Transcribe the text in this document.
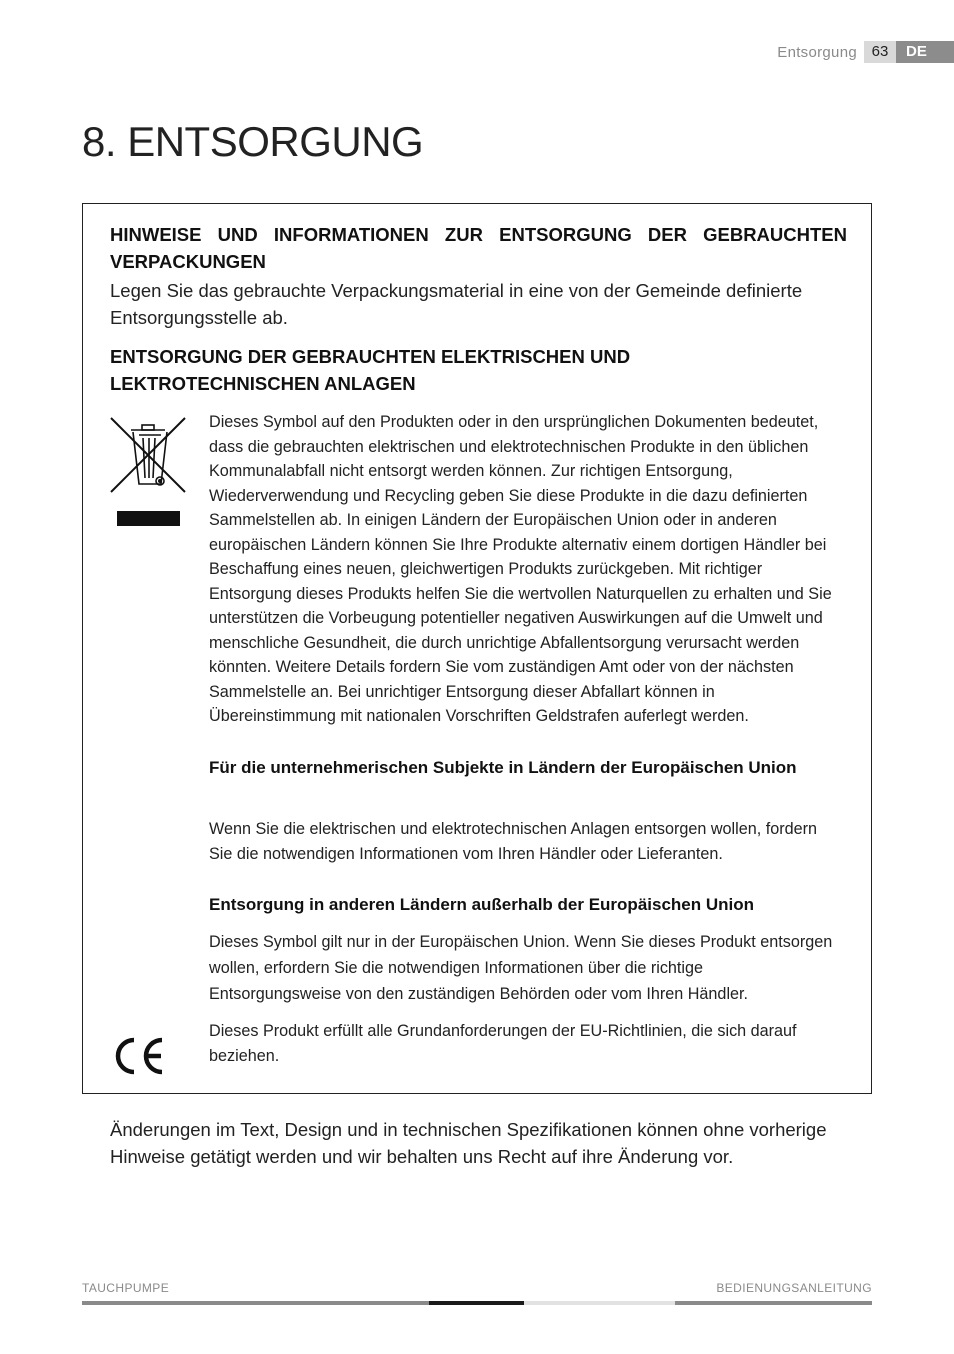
Entsorgung 63	DE
8. ENTSORGUNG
HINWEISE UND INFORMATIONEN ZUR ENTSORGUNG DER GEBRAUCHTEN VERPACKUNGEN

Legen Sie das gebrauchte Verpackungsmaterial in eine von der Gemeinde definierte Entsorgungsstelle ab.

ENTSORGUNG DER GEBRAUCHTEN ELEKTRISCHEN UND LEKTROTECHNISCHEN ANLAGEN

Dieses Symbol auf den Produkten oder in den ursprünglichen Dokumenten bedeutet, dass die gebrauchten elektrischen und elektrotechnischen Produkte in den üblichen Kommunalabfall nicht entsorgt werden können. Zur richtigen Entsorgung, Wiederverwendung und Recycling geben Sie diese Produkte in die dazu definierten Sammelstellen ab. In einigen Ländern der Europäischen Union oder in anderen europäischen Ländern können Sie Ihre Produkte alternativ einem dortigen Händler bei Beschaffung eines neuen, gleichwertigen Produkts zurückgeben. Mit richtiger Entsorgung dieses Produkts helfen Sie die wertvollen Naturquellen zu erhalten und Sie unterstützen die Vorbeugung potentieller negativen Auswirkungen auf die Umwelt und menschliche Gesundheit, die durch unrichtige Abfallentsorgung verursacht werden könnten. Weitere Details fordern Sie vom zuständigen Amt oder von der nächsten Sammelstelle an. Bei unrichtiger Entsorgung dieser Abfallart können in Übereinstimmung mit nationalen Vorschriften Geldstrafen auferlegt werden.

Für die unternehmerischen Subjekte in Ländern der Europäischen Union

Wenn Sie die elektrischen und elektrotechnischen Anlagen entsorgen wollen, fordern Sie die notwendigen Informationen vom Ihren Händler oder Lieferanten.

Entsorgung in anderen Ländern außerhalb der Europäischen Union

Dieses Symbol gilt nur in der Europäischen Union. Wenn Sie dieses Produkt entsorgen wollen, erfordern Sie die notwendigen Informationen über die richtige Entsorgungsweise von den zuständigen Behörden oder vom Ihren Händler.

Dieses Produkt erfüllt alle Grundanforderungen der EU-Richtlinien, die sich darauf beziehen.

Änderungen im Text, Design und in technischen Spezifikationen können ohne vorherige Hinweise getätigt werden und wir behalten uns Recht auf ihre Änderung vor.

TAUCHPUMPE	BEDIENUNGSANLEITUNG
